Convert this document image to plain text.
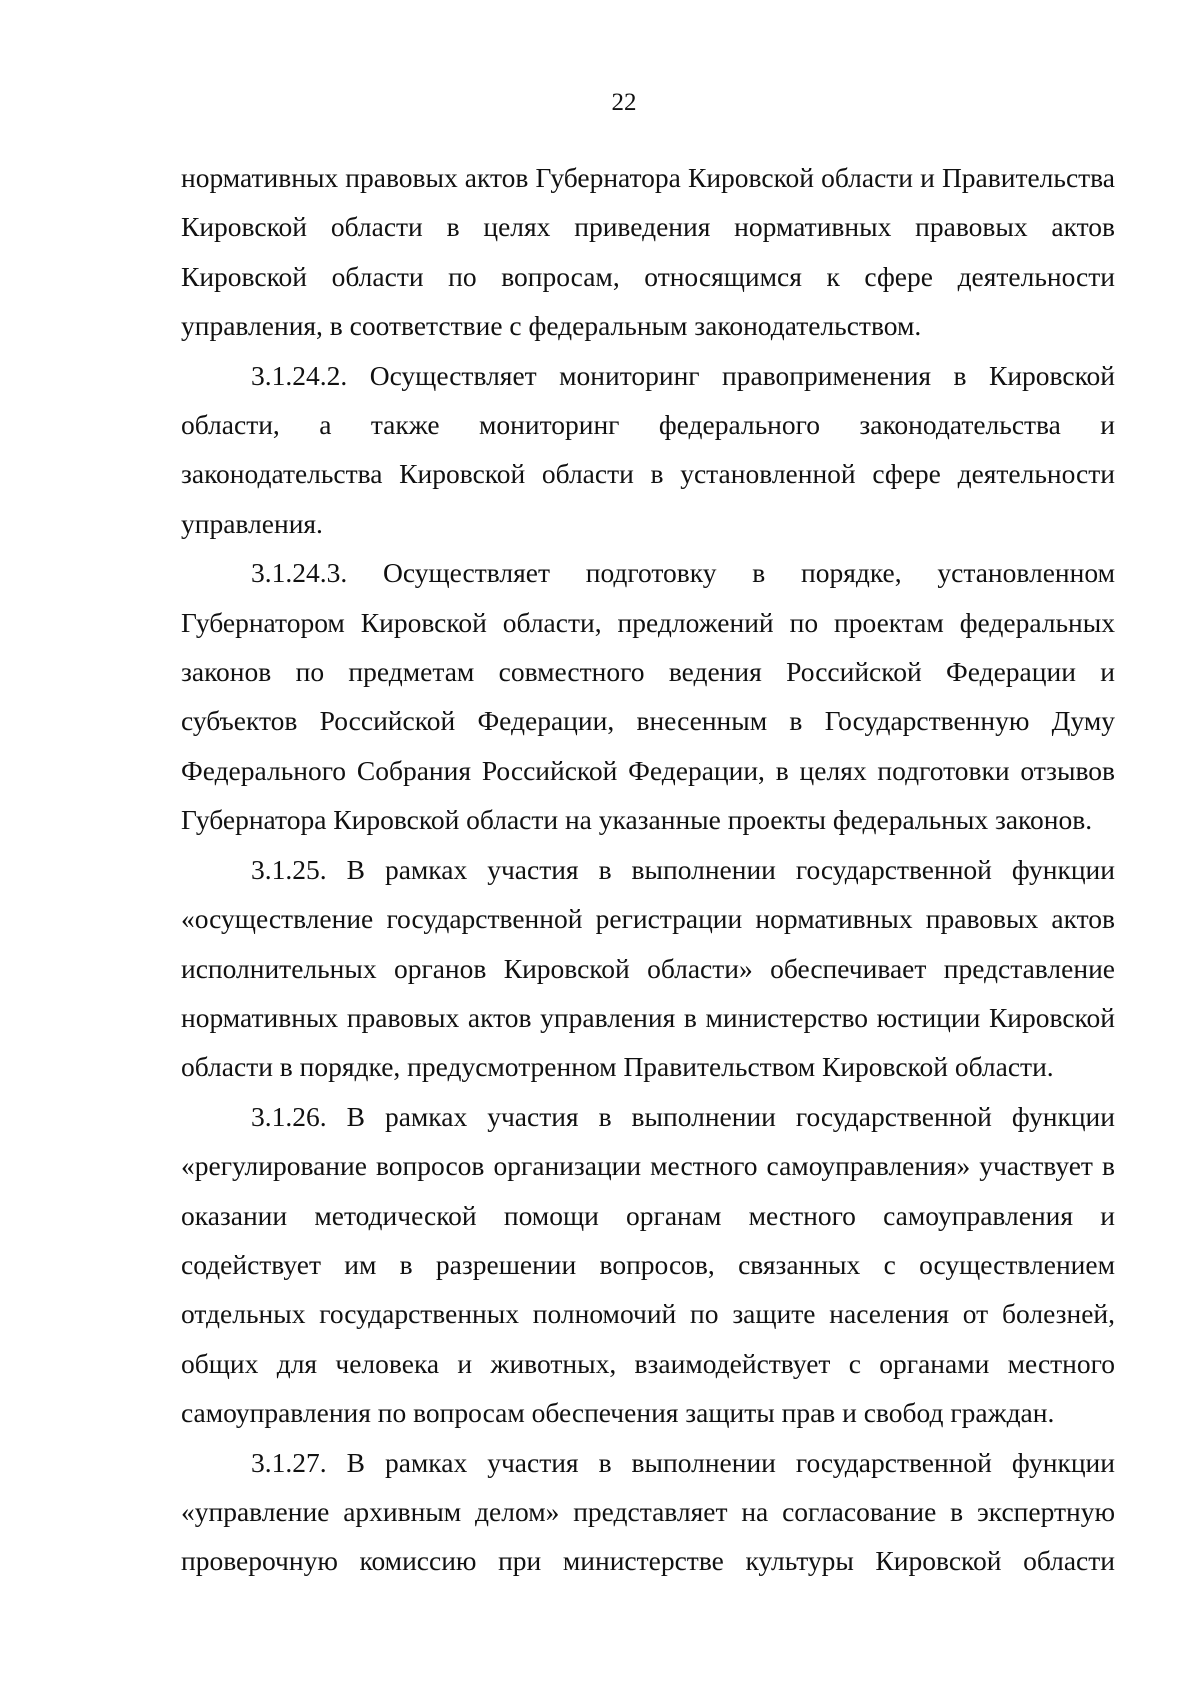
22

нормативных правовых актов Губернатора Кировской области и Правительства Кировской области в целях приведения нормативных правовых актов Кировской области по вопросам, относящимся к сфере деятельности управления, в соответствие с федеральным законодательством.

3.1.24.2. Осуществляет мониторинг правоприменения в Кировской области, а также мониторинг федерального законодательства и законодательства Кировской области в установленной сфере деятельности управления.

3.1.24.3. Осуществляет подготовку в порядке, установленном Губернатором Кировской области, предложений по проектам федеральных законов по предметам совместного ведения Российской Федерации и субъектов Российской Федерации, внесенным в Государственную Думу Федерального Собрания Российской Федерации, в целях подготовки отзывов Губернатора Кировской области на указанные проекты федеральных законов.

3.1.25. В рамках участия в выполнении государственной функции «осуществление государственной регистрации нормативных правовых актов исполнительных органов Кировской области» обеспечивает представление нормативных правовых актов управления в министерство юстиции Кировской области в порядке, предусмотренном Правительством Кировской области.

3.1.26. В рамках участия в выполнении государственной функции «регулирование вопросов организации местного самоуправления» участвует в оказании методической помощи органам местного самоуправления и содействует им в разрешении вопросов, связанных с осуществлением отдельных государственных полномочий по защите населения от болезней, общих для человека и животных, взаимодействует с органами местного самоуправления по вопросам обеспечения защиты прав и свобод граждан.

3.1.27. В рамках участия в выполнении государственной функции «управление архивным делом» представляет на согласование в экспертную проверочную комиссию при министерстве культуры Кировской области
